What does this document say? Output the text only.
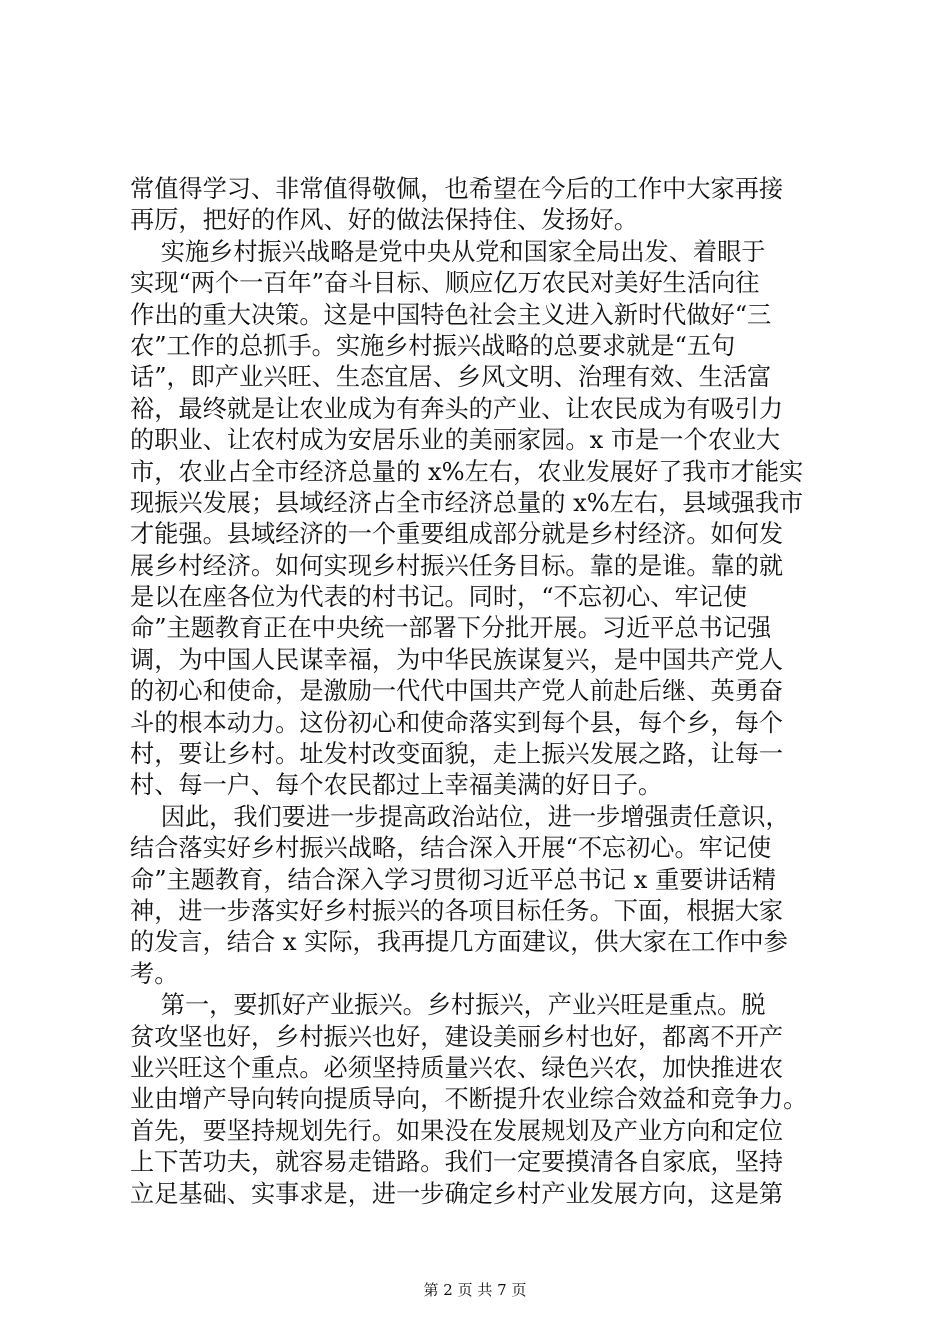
常值得学习、非常值得敬佩，也希望在今后的工作中大家再接
再厉，把好的作风、好的做法保持住、发扬好。
实施乡村振兴战略是党中央从党和国家全局出发、着眼于
实现“两个一百年”奋斗目标、顺应亿万农民对美好生活向往
作出的重大决策。这是中国特色社会主义进入新时代做好“三
农”工作的总抓手。实施乡村振兴战略的总要求就是“五句
话”，即产业兴旺、生态宜居、乡风文明、治理有效、生活富
裕，最终就是让农业成为有奔头的产业、让农民成为有吸引力
的职业、让农村成为安居乐业的美丽家园。x 市是一个农业大
市，农业占全市经济总量的 x%左右，农业发展好了我市才能实
现振兴发展；县域经济占全市经济总量的 x%左右，县域强我市
才能强。县域经济的一个重要组成部分就是乡村经济。如何发
展乡村经济。如何实现乡村振兴任务目标。靠的是谁。靠的就
是以在座各位为代表的村书记。同时，“不忘初心、牢记使
命”主题教育正在中央统一部署下分批开展。习近平总书记强
调，为中国人民谋幸福，为中华民族谋复兴，是中国共产党人
的初心和使命，是激励一代代中国共产党人前赴后继、英勇奋
斗的根本动力。这份初心和使命落实到每个县，每个乡，每个
村，要让乡村。址发村改变面貌，走上振兴发展之路，让每一
村、每一户、每个农民都过上幸福美满的好日子。
因此，我们要进一步提高政治站位，进一步增强责任意识，
结合落实好乡村振兴战略，结合深入开展“不忘初心。牢记使
命”主题教育，结合深入学习贯彻习近平总书记 x 重要讲话精
神，进一步落实好乡村振兴的各项目标任务。下面，根据大家
的发言，结合 x 实际，我再提几方面建议，供大家在工作中参
考。
第一，要抓好产业振兴。乡村振兴，产业兴旺是重点。脱
贫攻坚也好，乡村振兴也好，建设美丽乡村也好，都离不开产
业兴旺这个重点。必须坚持质量兴农、绿色兴农，加快推进农
业由增产导向转向提质导向，不断提升农业综合效益和竞争力。
首先，要坚持规划先行。如果没在发展规划及产业方向和定位
上下苦功夫，就容易走错路。我们一定要摸清各自家底，坚持
立足基础、实事求是，进一步确定乡村产业发展方向，这是第
第 2 页 共 7 页
